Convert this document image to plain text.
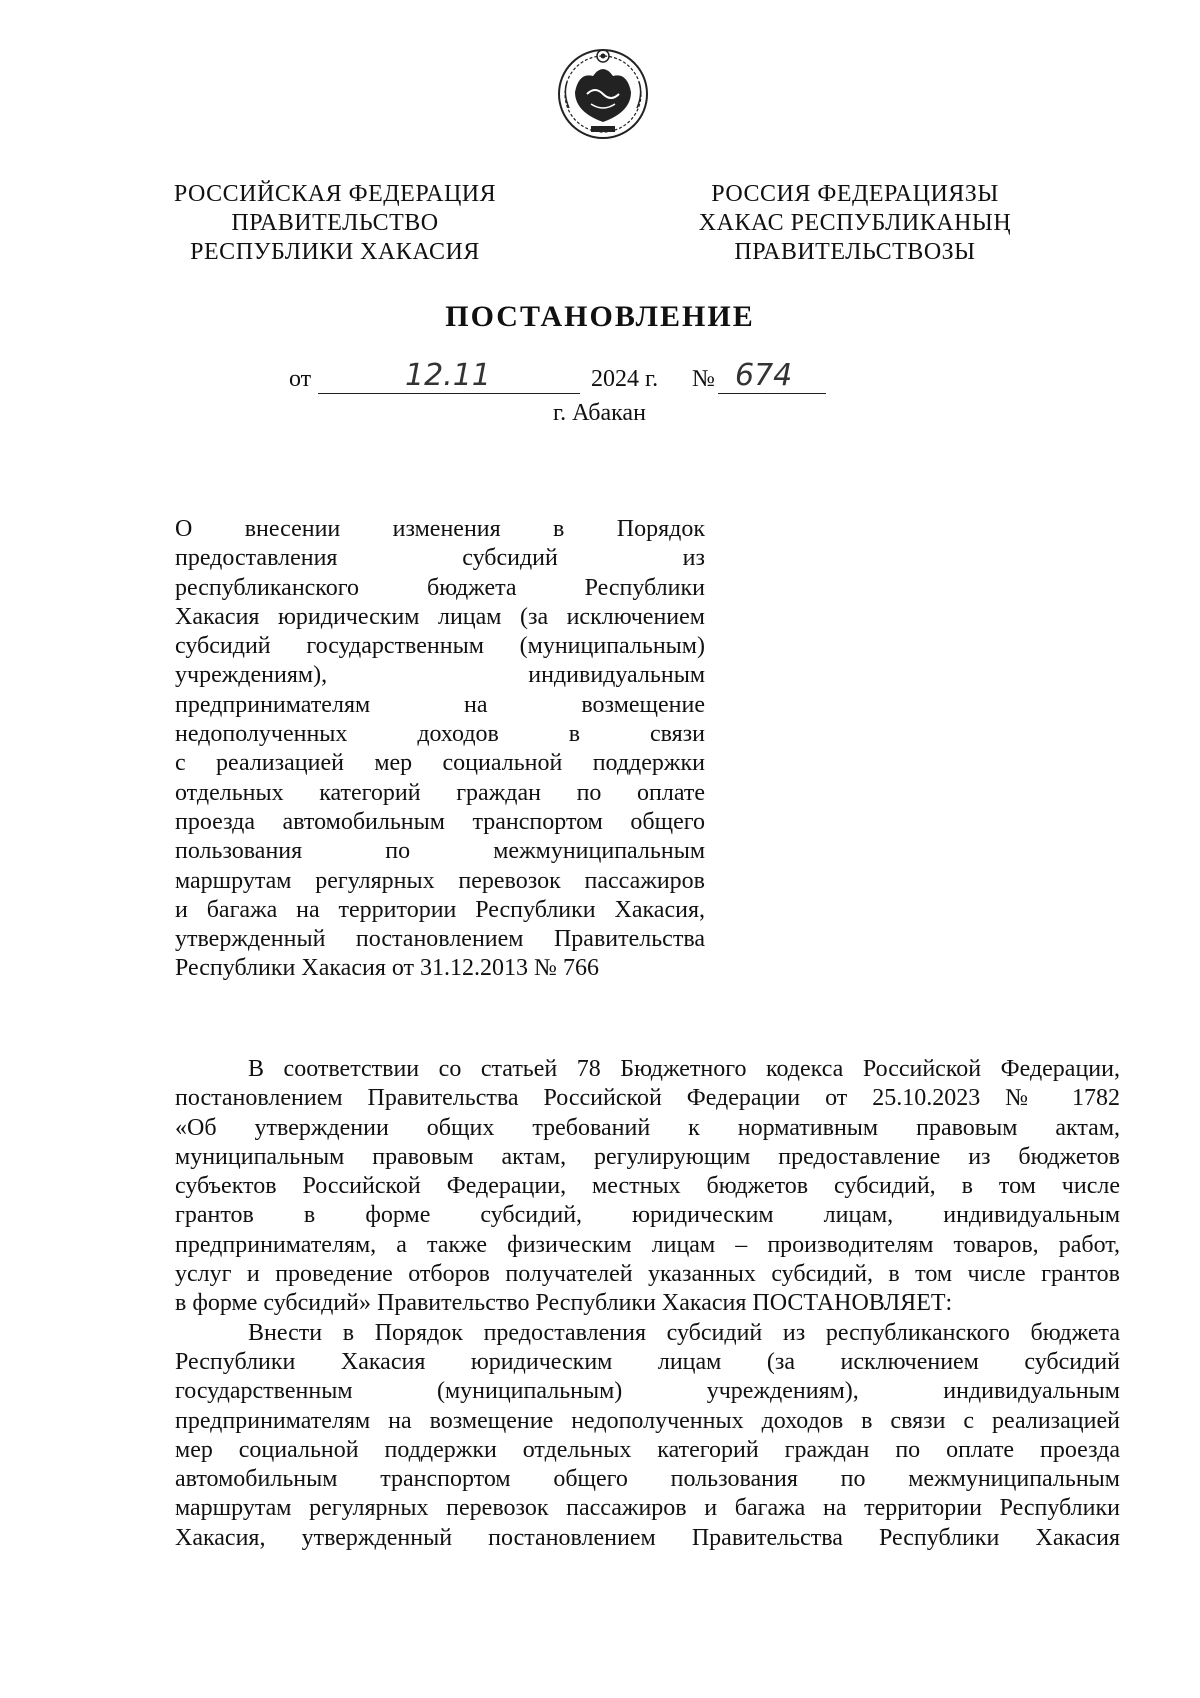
РОССИЙСКАЯ ФЕДЕРАЦИЯ
ПРАВИТЕЛЬСТВО
РЕСПУБЛИКИ ХАКАСИЯ
РОССИЯ ФЕДЕРАЦИЯЗЫ
ХАКАС РЕСПУБЛИКАНЫҢ
ПРАВИТЕЛЬСТВОЗЫ
ПОСТАНОВЛЕНИЕ
от	12.11	2024 г. № 674
г. Абакан
О внесении изменения в Порядок
предоставления субсидий из
республиканского бюджета Республики
Хакасия юридическим лицам (за исключением
субсидий государственным (муниципальным)
учреждениям), индивидуальным
предпринимателям на возмещение
недополученных доходов в связи
с реализацией мер социальной поддержки
отдельных категорий граждан по оплате
проезда автомобильным транспортом общего
пользования по межмуниципальным
маршрутам регулярных перевозок пассажиров
и багажа на территории Республики Хакасия,
утвержденный постановлением Правительства
Республики Хакасия от 31.12.2013 № 766
В соответствии со статьей 78 Бюджетного кодекса Российской Федерации,
постановлением Правительства Российской Федерации от 25.10.2023 № 1782
«Об утверждении общих требований к нормативным правовым актам,
муниципальным правовым актам, регулирующим предоставление из бюджетов
субъектов Российской Федерации, местных бюджетов субсидий, в том числе
грантов в форме субсидий, юридическим лицам, индивидуальным
предпринимателям, а также физическим лицам – производителям товаров, работ,
услуг и проведение отборов получателей указанных субсидий, в том числе грантов
в форме субсидий» Правительство Республики Хакасия ПОСТАНОВЛЯЕТ:
Внести в Порядок предоставления субсидий из республиканского бюджета
Республики Хакасия юридическим лицам (за исключением субсидий
государственным (муниципальным) учреждениям), индивидуальным
предпринимателям на возмещение недополученных доходов в связи с реализацией
мер социальной поддержки отдельных категорий граждан по оплате проезда
автомобильным транспортом общего пользования по межмуниципальным
маршрутам регулярных перевозок пассажиров и багажа на территории Республики
Хакасия, утвержденный постановлением Правительства Республики Хакасия
